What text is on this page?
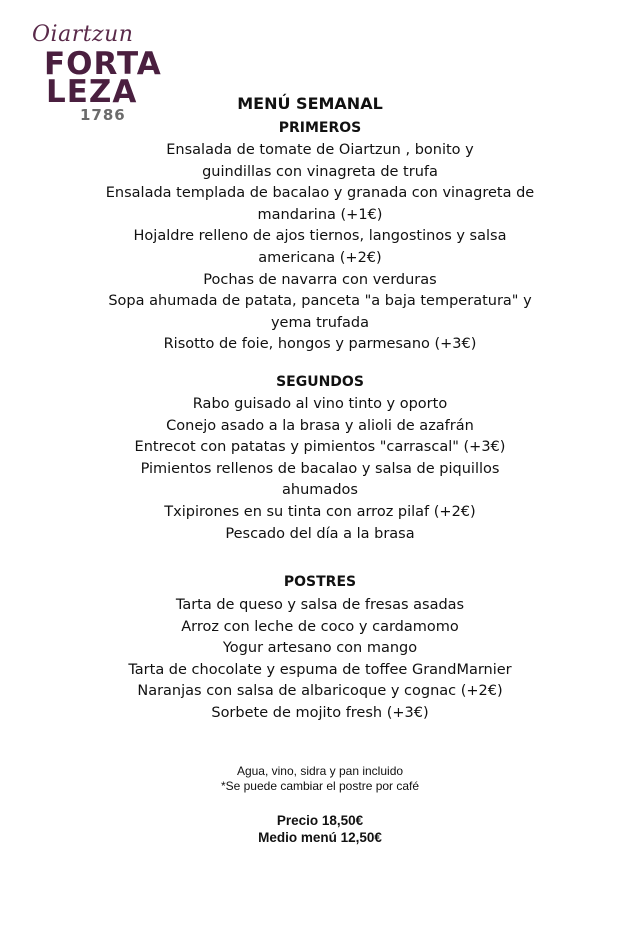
Oiartzun
FORTA
LEZA
1786
MENÚ SEMANAL
PRIMEROS
Ensalada de tomate de Oiartzun , bonito y
guindillas con vinagreta de trufa
Ensalada templada de bacalao y granada con vinagreta de
mandarina (+1€)
Hojaldre relleno de ajos tiernos, langostinos y salsa
americana (+2€)
Pochas de navarra con verduras
Sopa ahumada de patata, panceta "a baja temperatura" y
yema trufada
Risotto de foie, hongos y parmesano (+3€)
SEGUNDOS
Rabo guisado al vino tinto y oporto
Conejo asado a la brasa y alioli de azafrán
Entrecot con patatas y pimientos "carrascal" (+3€)
Pimientos rellenos de bacalao y salsa de piquillos
ahumados
Txipirones en su tinta con arroz pilaf (+2€)
Pescado del día a la brasa
POSTRES
Tarta de queso y salsa de fresas asadas
Arroz con leche de coco y cardamomo
Yogur artesano con mango
Tarta de chocolate y espuma de toffee GrandMarnier
Naranjas con salsa de albaricoque y cognac (+2€)
Sorbete de mojito fresh (+3€)
Agua, vino, sidra y pan incluido
*Se puede cambiar el postre por café
Precio 18,50€
Medio menú 12,50€
